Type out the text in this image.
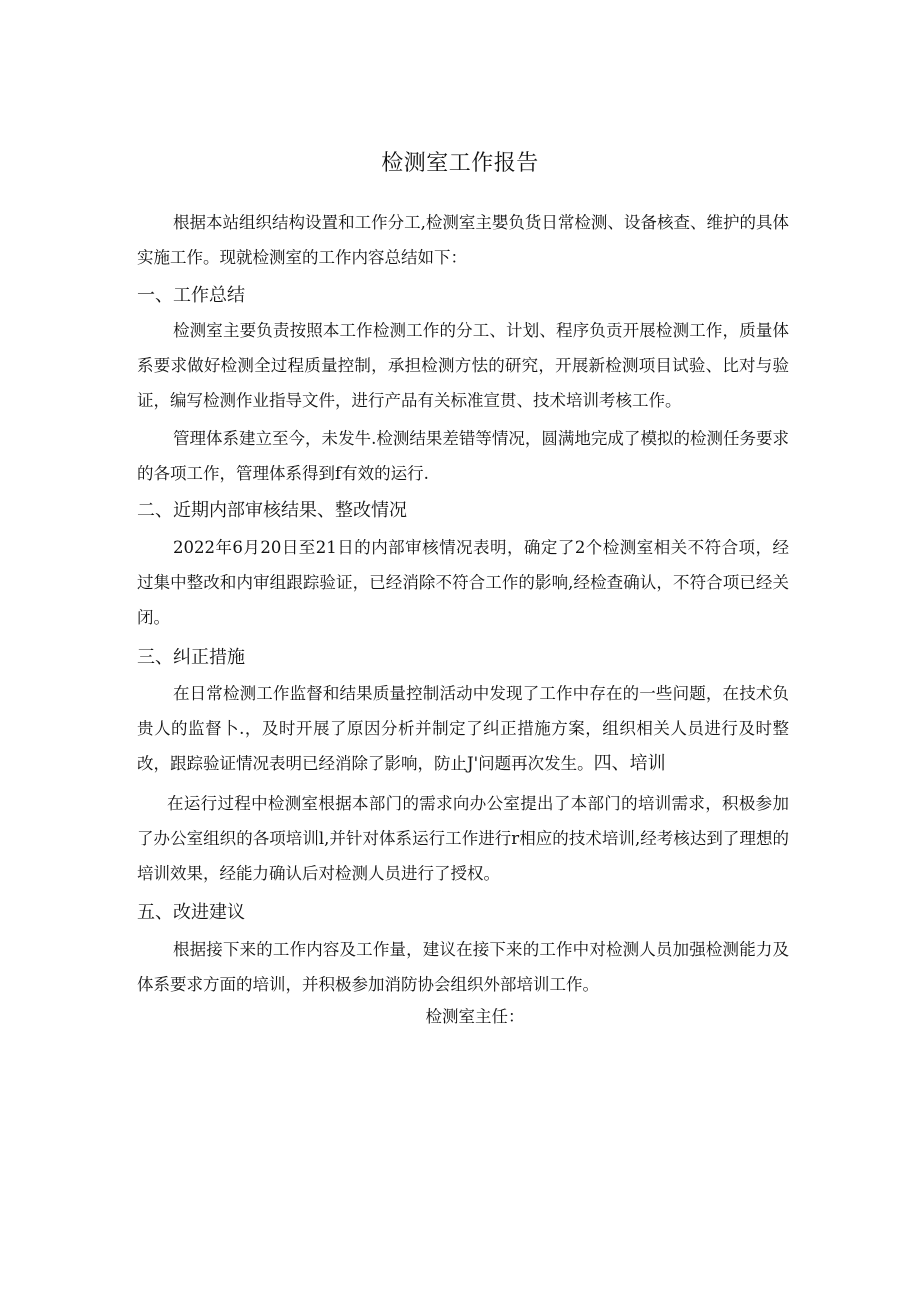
检测室工作报告

根据本站组织结构设置和工作分工,检测室主嬰负货日常检测、设备核查、维护的具体实施工作。现就检测室的工作内容总结如下：

一、工作总结

检测室主要负责按照本工作检测工作的分工、计划、程序负贡开展检测工作，质量体系要求做好检测全过程质量控制，承担检测方怯的研究，开展新检测项目试验、比对与验证，编写检测作业指导文件，进行产品有关标准宣贯、技术培训考核工作。

管理体系建立至今，未发牛.检测结果差错等情况，圆满地完成了模拟的检测任务要求的各项工作，管理体系得到f有效的运行.

二、近期内部审核结果、整改情况

2022年6月20日至21日的内部审核情况表明，确定了2个检测室相关不符合项，经过集中整改和内审组跟踪验证，已经消除不符合工作的影响,经检查确认，不符合项已经关闭。

三、纠正措施

在日常检测工作监督和结果质量控制活动中发现了工作中存在的一些问题，在技术负贵人的监督卜.，及时开展了原因分析并制定了纠正措施方案，组织相关人员进行及时整改，跟踪验证情况表明已经消除了影响，防止J'问题再次发生。四、培训

在运行过程中检测室根据本部门的需求向办公室提出了本部门的培训需求，积极参加了办公室组织的各项培训l,并针对体系运行工作进行r相应的技术培训,经考核达到了理想的培训效果，经能力确认后对检测人员进行了授权。

五、改进建议

根据接下来的工作内容及工作量，建议在接下来的工作中对检测人员加强检测能力及体系要求方面的培训，并积极参加消防协会组织外部培训工作。

检测室主任：
